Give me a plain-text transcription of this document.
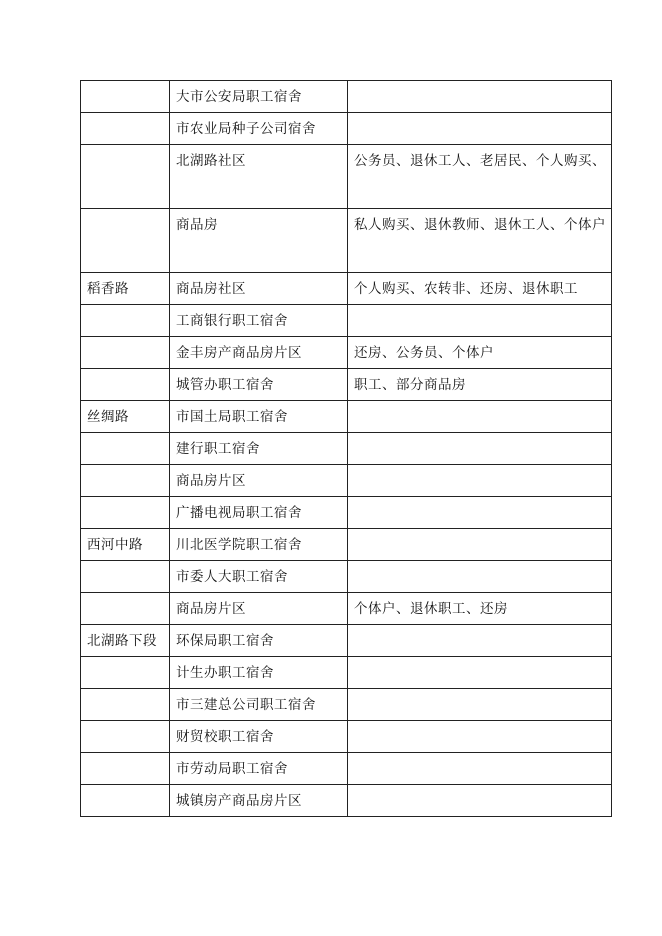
	大市公安局职工宿舍	
	市农业局种子公司宿舍	
	北湖路社区	公务员、退休工人、老居民、个人购买、
	商品房	私人购买、退休教师、退休工人、个体户
稻香路	商品房社区	个人购买、农转非、还房、退休职工
	工商银行职工宿舍	
	金丰房产商品房片区	还房、公务员、个体户
	城管办职工宿舍	职工、部分商品房
丝绸路	市国土局职工宿舍	
	建行职工宿舍	
	商品房片区	
	广播电视局职工宿舍	
西河中路	川北医学院职工宿舍	
	市委人大职工宿舍	
	商品房片区	个体户、退休职工、还房
北湖路下段	环保局职工宿舍	
	计生办职工宿舍	
	市三建总公司职工宿舍	
	财贸校职工宿舍	
	市劳动局职工宿舍	
	城镇房产商品房片区	
